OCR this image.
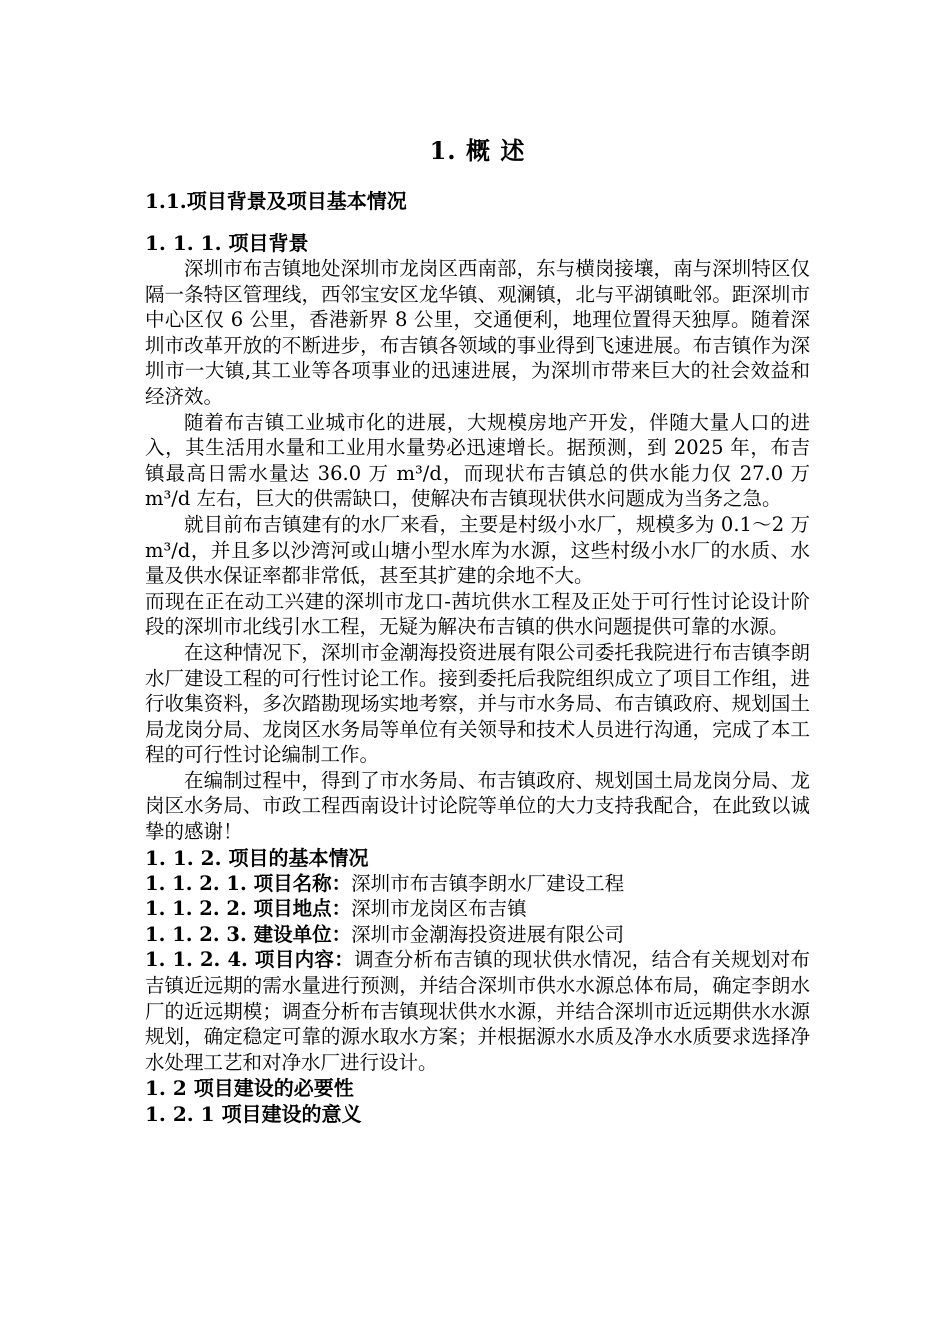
1. 概 述
1.1.项目背景及项目基本情况
1. 1. 1. 项目背景

深圳市布吉镇地处深圳市龙岗区西南部，东与横岗接壤，南与深圳特区仅隔一条特区管理线，西邻宝安区龙华镇、观澜镇，北与平湖镇毗邻。距深圳市中心区仅 6 公里，香港新界 8 公里，交通便利，地理位置得天独厚。随着深圳市改革开放的不断进步，布吉镇各领域的事业得到飞速进展。布吉镇作为深圳市一大镇,其工业等各项事业的迅速进展，为深圳市带来巨大的社会效益和经济效。

随着布吉镇工业城市化的进展，大规模房地产开发，伴随大量人口的进入，其生活用水量和工业用水量势必迅速增长。据预测，到 2025 年，布吉镇最高日需水量达 36.0 万 m³/d，而现状布吉镇总的供水能力仅 27.0 万 m³/d 左右，巨大的供需缺口，使解决布吉镇现状供水问题成为当务之急。

就目前布吉镇建有的水厂来看，主要是村级小水厂，规模多为 0.1～2 万 m³/d，并且多以沙湾河或山塘小型水库为水源，这些村级小水厂的水质、水量及供水保证率都非常低，甚至其扩建的余地不大。

而现在正在动工兴建的深圳市龙口-茜坑供水工程及正处于可行性讨论设计阶段的深圳市北线引水工程，无疑为解决布吉镇的供水问题提供可靠的水源。

在这种情况下，深圳市金潮海投资进展有限公司委托我院进行布吉镇李朗水厂建设工程的可行性讨论工作。接到委托后我院组织成立了项目工作组，进行收集资料，多次踏勘现场实地考察，并与市水务局、布吉镇政府、规划国土局龙岗分局、龙岗区水务局等单位有关领导和技术人员进行沟通，完成了本工程的可行性讨论编制工作。

在编制过程中，得到了市水务局、布吉镇政府、规划国土局龙岗分局、龙岗区水务局、市政工程西南设计讨论院等单位的大力支持我配合，在此致以诚挚的感谢！

1. 1. 2. 项目的基本情况

1. 1. 2. 1. 项目名称：深圳市布吉镇李朗水厂建设工程

1. 1. 2. 2. 项目地点：深圳市龙岗区布吉镇

1. 1. 2. 3. 建设单位：深圳市金潮海投资进展有限公司

1. 1. 2. 4. 项目内容：调查分析布吉镇的现状供水情况，结合有关规划对布吉镇近远期的需水量进行预测，并结合深圳市供水水源总体布局，确定李朗水厂的近远期模；调查分析布吉镇现状供水水源，并结合深圳市近远期供水水源规划，确定稳定可靠的源水取水方案；并根据源水水质及净水水质要求选择净水处理工艺和对净水厂进行设计。

1. 2 项目建设的必要性
1. 2. 1 项目建设的意义
